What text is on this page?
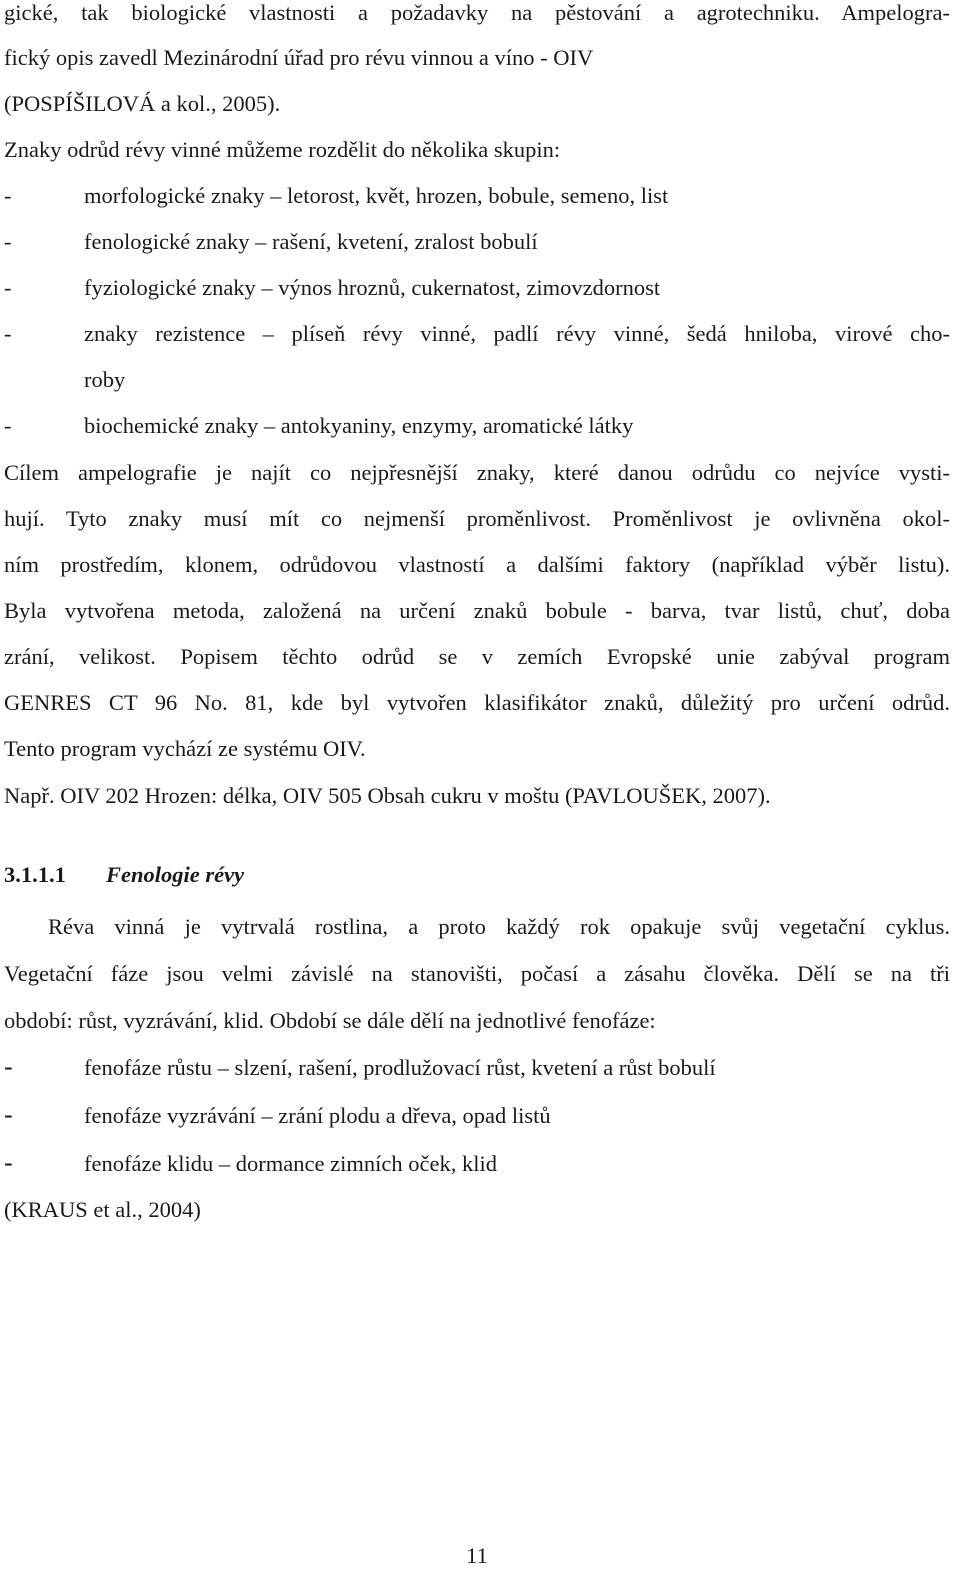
gické, tak biologické vlastnosti a požadavky na pěstování a agrotechniku. Ampelogra-
fický opis zavedl Mezinárodní úřad pro révu vinnou a víno - OIV
(POSPÍŠILOVÁ a kol., 2005).
Znaky odrůd révy vinné můžeme rozdělit do několika skupin:
-	morfologické znaky – letorost, květ, hrozen, bobule, semeno, list
-	fenologické znaky – rašení, kvetení, zralost bobulí
-	fyziologické znaky – výnos hroznů, cukernatost, zimovzdornost
-	znaky rezistence – plíseň révy vinné, padlí révy vinné, šedá hniloba, virové cho-
roby
-	biochemické znaky – antokyaniny, enzymy, aromatické látky
Cílem ampelografie je najít co nejpřesnější znaky, které danou odrůdu co nejvíce vysti-
hují. Tyto znaky musí mít co nejmenší proměnlivost. Proměnlivost je ovlivněna okol-
ním prostředím, klonem, odrůdovou vlastností a dalšími faktory (například výběr listu).
Byla vytvořena metoda, založená na určení znaků bobule - barva, tvar listů, chuť, doba
zrání, velikost. Popisem těchto odrůd se v zemích Evropské unie zabýval program
GENRES CT 96 No. 81, kde byl vytvořen klasifikátor znaků, důležitý pro určení odrůd.
Tento program vychází ze systému OIV.
Např. OIV 202 Hrozen: délka, OIV 505 Obsah cukru v moštu (PAVLOUŠEK, 2007).
3.1.1.1 Fenologie révy
Réva vinná je vytrvalá rostlina, a proto každý rok opakuje svůj vegetační cyklus.
Vegetační fáze jsou velmi závislé na stanovišti, počasí a zásahu člověka. Dělí se na tři
období: růst, vyzrávání, klid. Období se dále dělí na jednotlivé fenofáze:
-	fenofáze růstu – slzení, rašení, prodlužovací růst, kvetení a růst bobulí
-	fenofáze vyzrávání – zrání plodu a dřeva, opad listů
-	fenofáze klidu – dormance zimních oček, klid
(KRAUS et al., 2004)
11
